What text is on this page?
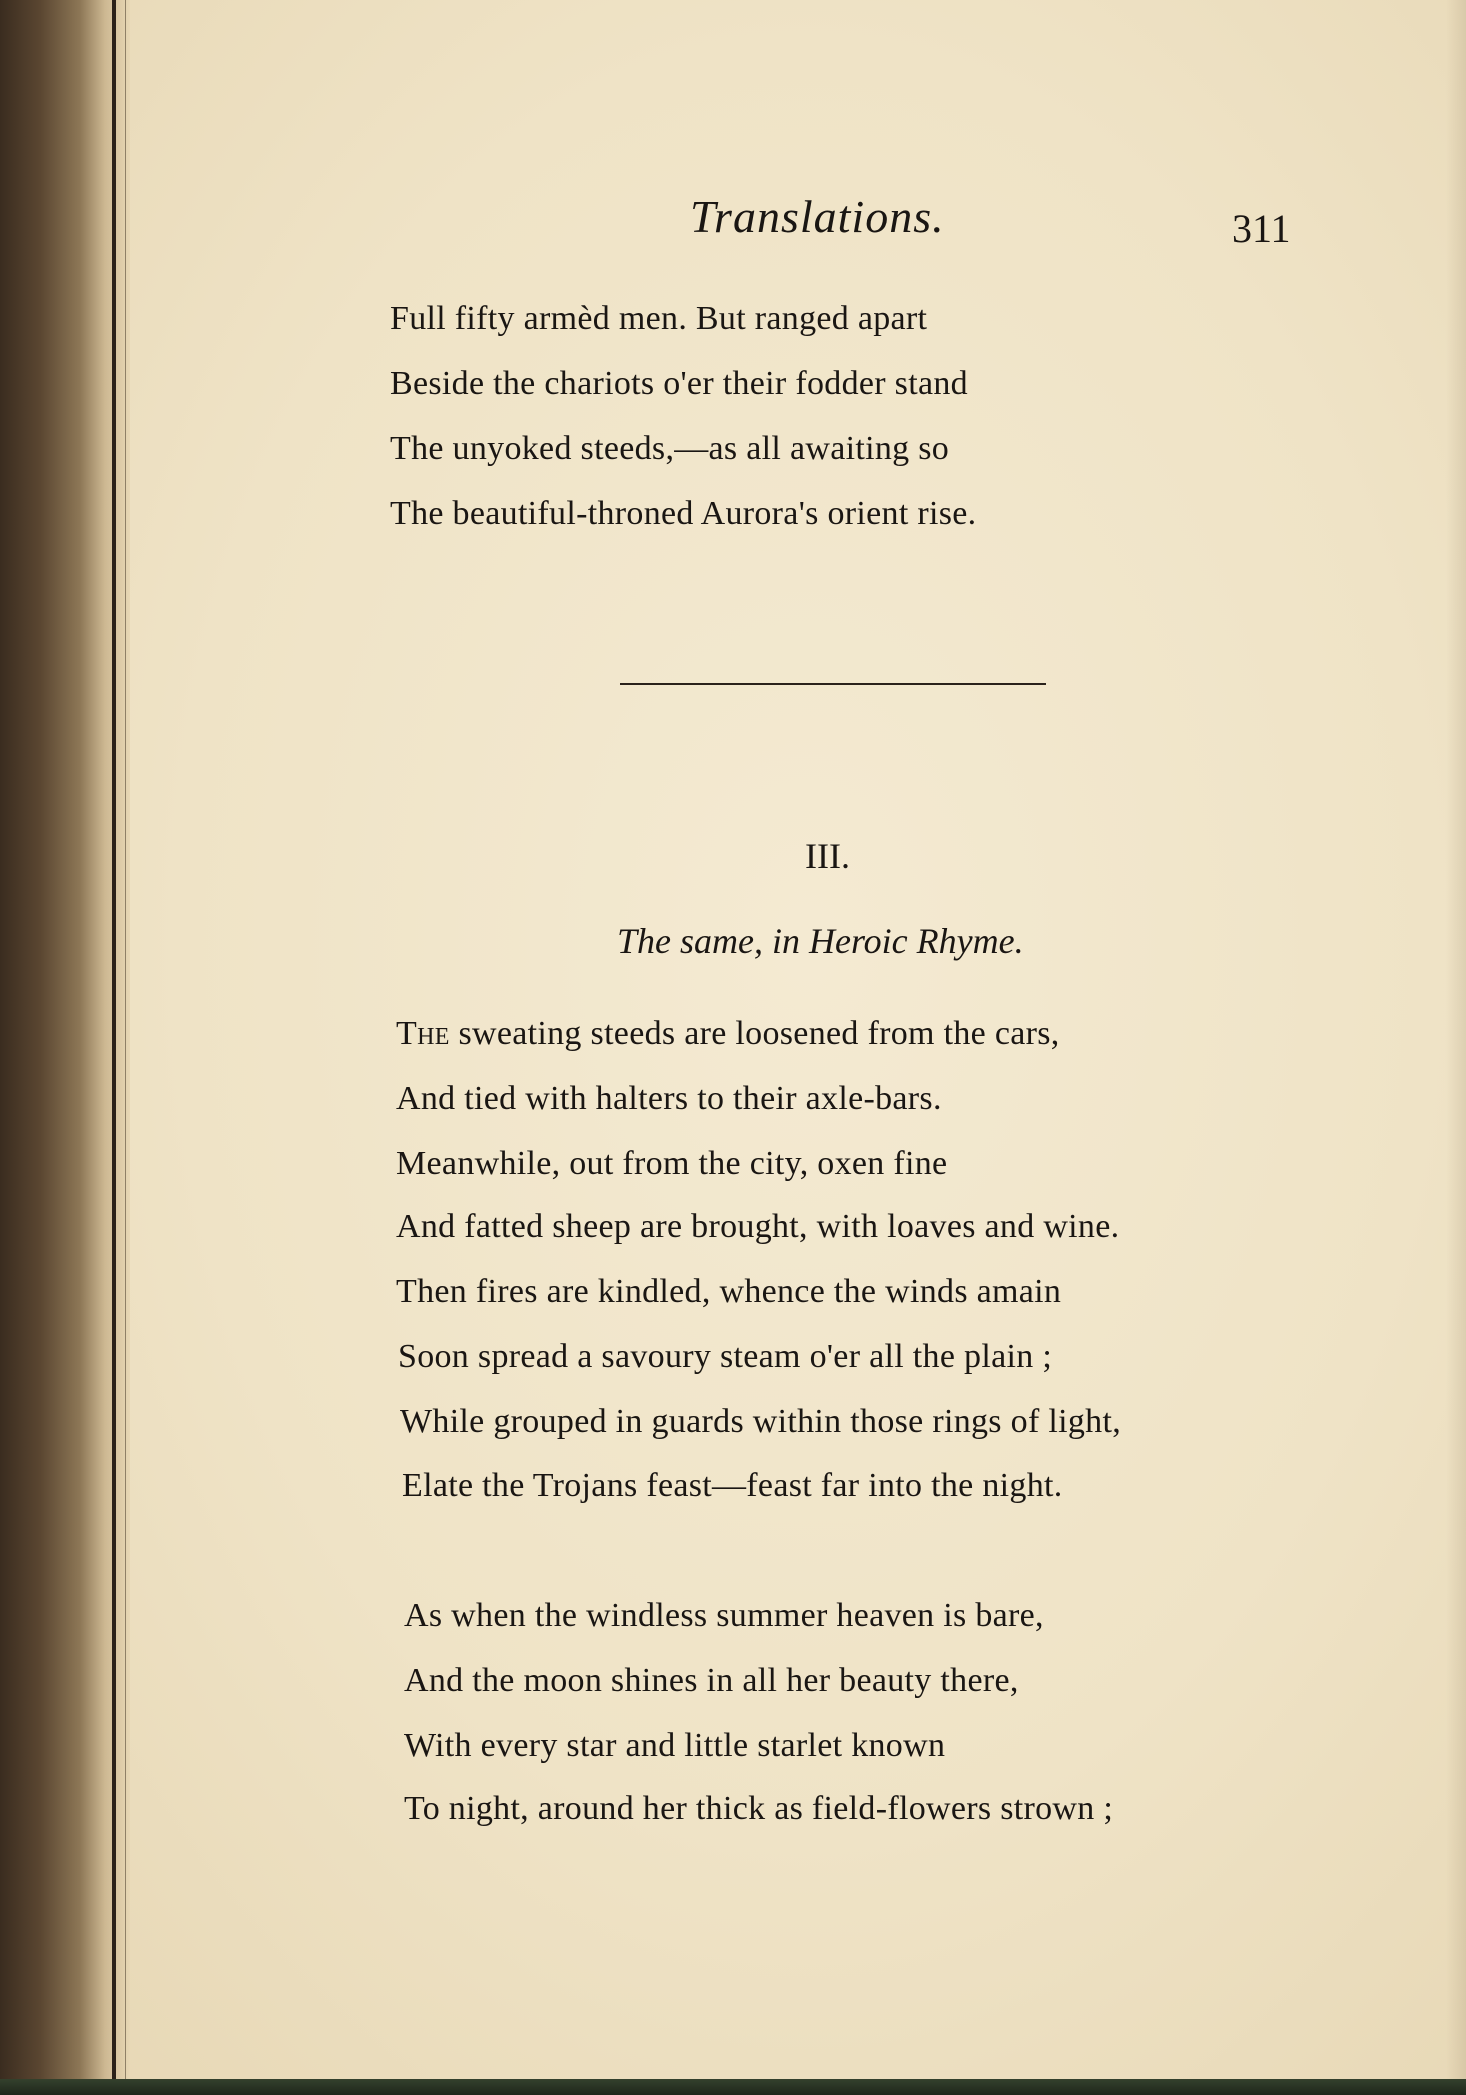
Translations.	311
Full fifty armèd men. But ranged apart
Beside the chariots o'er their fodder stand
The unyoked steeds,—as all awaiting so
The beautiful-throned Aurora's orient rise.
III.
The same, in Heroic Rhyme.
The sweating steeds are loosened from the cars,
And tied with halters to their axle-bars.
Meanwhile, out from the city, oxen fine
And fatted sheep are brought, with loaves and wine.
Then fires are kindled, whence the winds amain
Soon spread a savoury steam o'er all the plain ;
While grouped in guards within those rings of light,
Elate the Trojans feast—feast far into the night.
As when the windless summer heaven is bare,
And the moon shines in all her beauty there,
With every star and little starlet known
To night, around her thick as field-flowers strown ;
